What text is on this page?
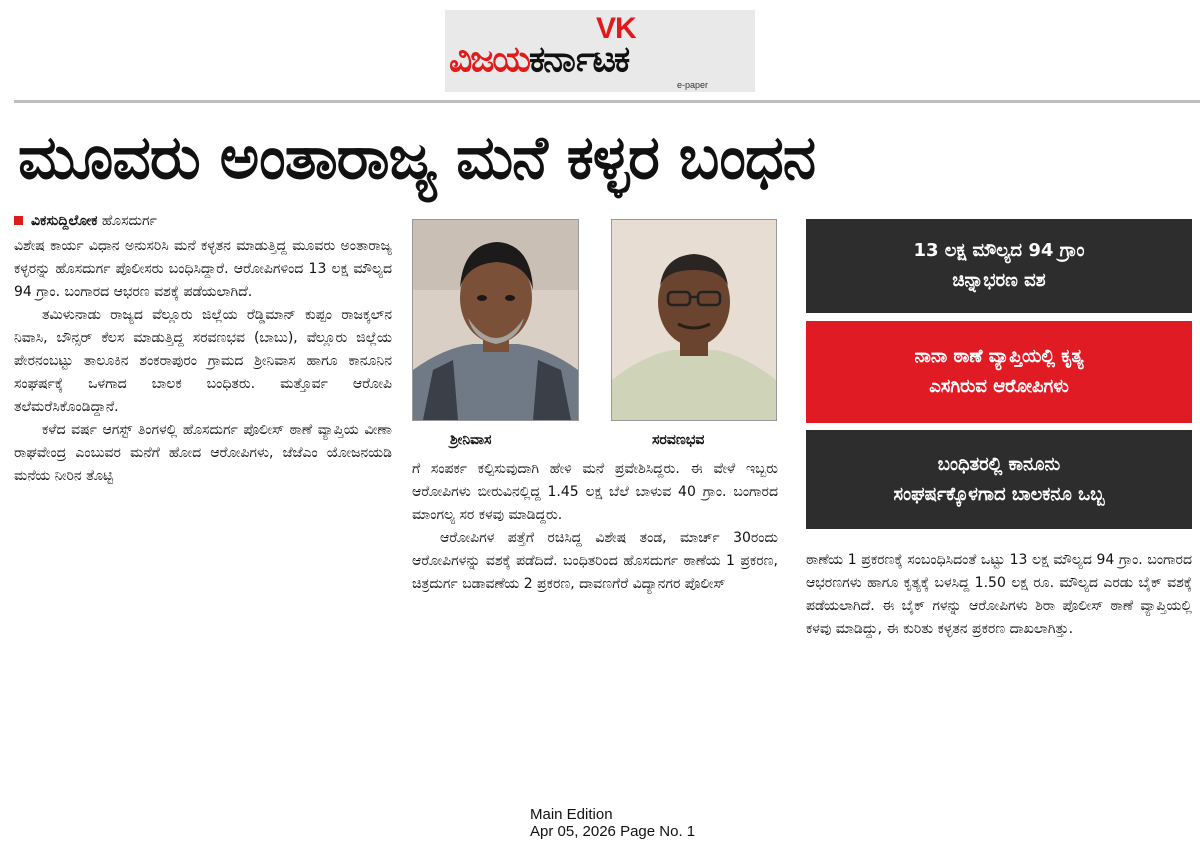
VK
ವಿಜಯಕರ್ನಾಟಕ
e-paper
ಮೂವರು ಅಂತಾರಾಜ್ಯ ಮನೆ ಕಳ್ಳರ ಬಂಧನ
ವಿಕಸುದ್ದಿಲೋಕ ಹೊಸದುರ್ಗ

ವಿಶೇಷ ಕಾರ್ಯ ವಿಧಾನ ಅನುಸರಿಸಿ ಮನೆ ಕಳ್ಳತನ ಮಾಡುತ್ತಿದ್ದ ಮೂವರು ಅಂತಾರಾಜ್ಯ ಕಳ್ಳರನ್ನು ಹೊಸದುರ್ಗ ಪೊಲೀಸರು ಬಂಧಿಸಿದ್ದಾರೆ. ಆರೋಪಿಗಳಿಂದ 13 ಲಕ್ಷ ಮೌಲ್ಯದ 94 ಗ್ರಾಂ. ಬಂಗಾರದ ಆಭರಣ ವಶಕ್ಕೆ ಪಡೆಯಲಾಗಿದೆ.

ತಮಿಳುನಾಡು ರಾಜ್ಯದ ವೆಲ್ಲೂರು ಜಿಲ್ಲೆಯ ರೆಡ್ಡಿಮಾನ್ ಕುಪ್ಪಂ ರಾಜಕ್ಕಲ್‌ನ ನಿವಾಸಿ, ಬೌನ್ಸರ್ ಕೆಲಸ ಮಾಡುತ್ತಿದ್ದ ಸರವಣಭವ (ಬಾಬು), ವೆಲ್ಲೂರು ಜಿಲ್ಲೆಯ ಪೇರನಂಬಟ್ಟು ತಾಲೂಕಿನ ಶಂಕರಾಪುರಂ ಗ್ರಾಮದ ಶ್ರೀನಿವಾಸ ಹಾಗೂ ಕಾನೂನಿನ ಸಂಘರ್ಷಕ್ಕೆ ಒಳಗಾದ ಬಾಲಕ ಬಂಧಿತರು. ಮತ್ತೊರ್ವ ಆರೋಪಿ ತಲೆಮರೆಸಿಕೊಂಡಿದ್ದಾನೆ.

ಕಳೆದ ವರ್ಷ ಆಗಸ್ಟ್ ತಿಂಗಳಲ್ಲಿ ಹೊಸದುರ್ಗ ಪೊಲೀಸ್ ಠಾಣೆ ವ್ಯಾಪ್ತಿಯ ವೀಣಾ ರಾಘವೇಂದ್ರ ಎಂಬುವರ ಮನೆಗೆ ಹೋದ ಆರೋಪಿಗಳು, ಜೆಜೆಎಂ ಯೋಜನಯಡಿ ಮನೆಯ ನೀರಿನ ತೊಟ್ಟಿ

ಶ್ರೀನಿವಾಸ	ಸರವಣಭವ

ಗೆ ಸಂಪರ್ಕ ಕಲ್ಪಿಸುವುದಾಗಿ ಹೇಳಿ ಮನೆ ಪ್ರವೇಶಿಸಿದ್ದರು. ಈ ವೇಳೆ ಇಬ್ಬರು ಆರೋಪಿಗಳು ಬೀರುವಿನಲ್ಲಿದ್ದ 1.45 ಲಕ್ಷ ಬೆಲೆ ಬಾಳುವ 40 ಗ್ರಾಂ. ಬಂಗಾರದ ಮಾಂಗಲ್ಯ ಸರ ಕಳವು ಮಾಡಿದ್ದರು.

ಆರೋಪಿಗಳ ಪತ್ತೆಗೆ ರಚಿಸಿದ್ದ ವಿಶೇಷ ತಂಡ, ಮಾರ್ಚ್ 30ರಂದು ಆರೋಪಿಗಳನ್ನು ವಶಕ್ಕೆ ಪಡೆದಿದೆ. ಬಂಧಿತರಿಂದ ಹೊಸದುರ್ಗ ಠಾಣೆಯ 1 ಪ್ರಕರಣ, ಚಿತ್ರದುರ್ಗ ಬಡಾವಣೆಯ 2 ಪ್ರಕರಣ, ದಾವಣಗೆರೆ ವಿದ್ಯಾನಗರ ಪೊಲೀಸ್

13 ಲಕ್ಷ ಮೌಲ್ಯದ 94 ಗ್ರಾಂ
ಚಿನ್ನಾಭರಣ ವಶ
ನಾನಾ ಠಾಣೆ ವ್ಯಾಪ್ತಿಯಲ್ಲಿ ಕೃತ್ಯ
ಎಸಗಿರುವ ಆರೋಪಿಗಳು
ಬಂಧಿತರಲ್ಲಿ ಕಾನೂನು
ಸಂಘರ್ಷಕ್ಕೊಳಗಾದ ಬಾಲಕನೂ ಒಬ್ಬ

ಠಾಣೆಯ 1 ಪ್ರಕರಣಕ್ಕೆ ಸಂಬಂಧಿಸಿದಂತೆ ಒಟ್ಟು 13 ಲಕ್ಷ ಮೌಲ್ಯದ 94 ಗ್ರಾಂ. ಬಂಗಾರದ ಆಭರಣಗಳು ಹಾಗೂ ಕೃತ್ಯಕ್ಕೆ ಬಳಸಿದ್ದ 1.50 ಲಕ್ಷ ರೂ. ಮೌಲ್ಯದ ಎರಡು ಬೈಕ್ ವಶಕ್ಕೆ ಪಡೆಯಲಾಗಿದೆ. ಈ ಬೈಕ್ ಗಳನ್ನು ಆರೋಪಿಗಳು ಶಿರಾ ಪೊಲೀಸ್ ಠಾಣೆ ವ್ಯಾಪ್ತಿಯಲ್ಲಿ ಕಳವು ಮಾಡಿದ್ದು, ಈ ಕುರಿತು ಕಳ್ಳತನ ಪ್ರಕರಣ ದಾಖಲಾಗಿತ್ತು.

Main Edition
Apr 05, 2026 Page No. 1
